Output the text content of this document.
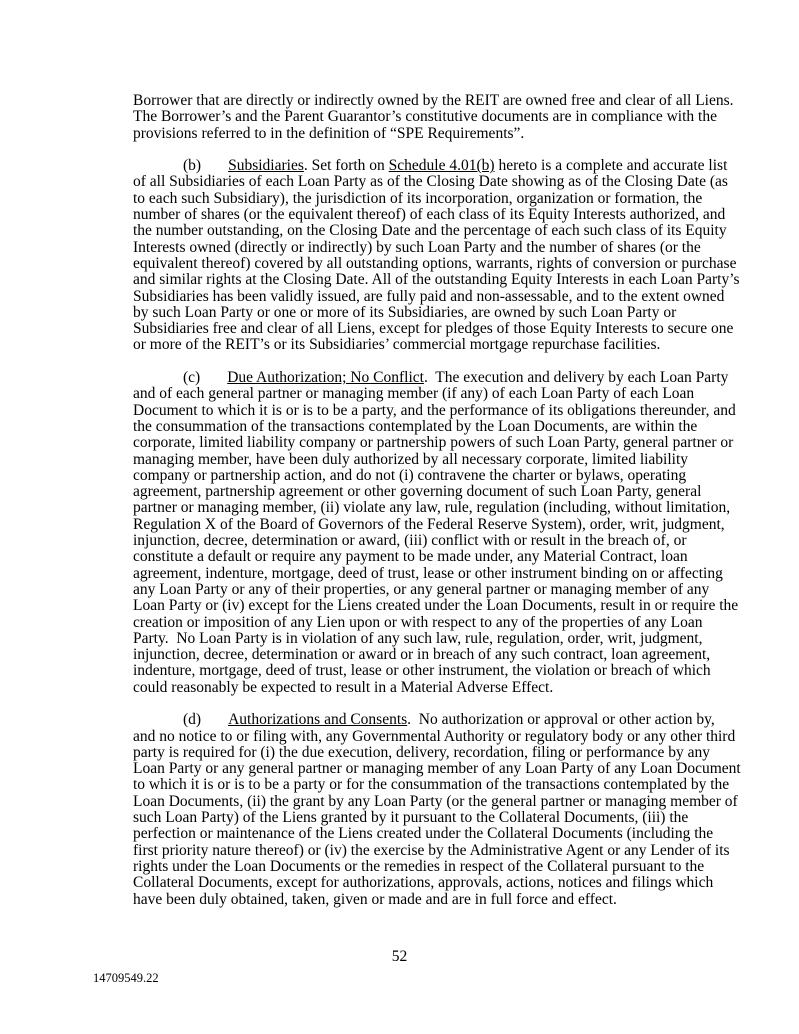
Borrower that are directly or indirectly owned by the REIT are owned free and clear of all Liens.
The Borrower’s and the Parent Guarantor’s constitutive documents are in compliance with the
provisions referred to in the definition of “SPE Requirements”.
(b) Subsidiaries. Set forth on Schedule 4.01(b) hereto is a complete and accurate list
of all Subsidiaries of each Loan Party as of the Closing Date showing as of the Closing Date (as
to each such Subsidiary), the jurisdiction of its incorporation, organization or formation, the
number of shares (or the equivalent thereof) of each class of its Equity Interests authorized, and
the number outstanding, on the Closing Date and the percentage of each such class of its Equity
Interests owned (directly or indirectly) by such Loan Party and the number of shares (or the
equivalent thereof) covered by all outstanding options, warrants, rights of conversion or purchase
and similar rights at the Closing Date. All of the outstanding Equity Interests in each Loan Party’s
Subsidiaries has been validly issued, are fully paid and non-assessable, and to the extent owned
by such Loan Party or one or more of its Subsidiaries, are owned by such Loan Party or
Subsidiaries free and clear of all Liens, except for pledges of those Equity Interests to secure one
or more of the REIT’s or its Subsidiaries’ commercial mortgage repurchase facilities.
(c) Due Authorization; No Conflict.  The execution and delivery by each Loan Party
and of each general partner or managing member (if any) of each Loan Party of each Loan
Document to which it is or is to be a party, and the performance of its obligations thereunder, and
the consummation of the transactions contemplated by the Loan Documents, are within the
corporate, limited liability company or partnership powers of such Loan Party, general partner or
managing member, have been duly authorized by all necessary corporate, limited liability
company or partnership action, and do not (i) contravene the charter or bylaws, operating
agreement, partnership agreement or other governing document of such Loan Party, general
partner or managing member, (ii) violate any law, rule, regulation (including, without limitation,
Regulation X of the Board of Governors of the Federal Reserve System), order, writ, judgment,
injunction, decree, determination or award, (iii) conflict with or result in the breach of, or
constitute a default or require any payment to be made under, any Material Contract, loan
agreement, indenture, mortgage, deed of trust, lease or other instrument binding on or affecting
any Loan Party or any of their properties, or any general partner or managing member of any
Loan Party or (iv) except for the Liens created under the Loan Documents, result in or require the
creation or imposition of any Lien upon or with respect to any of the properties of any Loan
Party.  No Loan Party is in violation of any such law, rule, regulation, order, writ, judgment,
injunction, decree, determination or award or in breach of any such contract, loan agreement,
indenture, mortgage, deed of trust, lease or other instrument, the violation or breach of which
could reasonably be expected to result in a Material Adverse Effect.
(d) Authorizations and Consents.  No authorization or approval or other action by,
and no notice to or filing with, any Governmental Authority or regulatory body or any other third
party is required for (i) the due execution, delivery, recordation, filing or performance by any
Loan Party or any general partner or managing member of any Loan Party of any Loan Document
to which it is or is to be a party or for the consummation of the transactions contemplated by the
Loan Documents, (ii) the grant by any Loan Party (or the general partner or managing member of
such Loan Party) of the Liens granted by it pursuant to the Collateral Documents, (iii) the
perfection or maintenance of the Liens created under the Collateral Documents (including the
first priority nature thereof) or (iv) the exercise by the Administrative Agent or any Lender of its
rights under the Loan Documents or the remedies in respect of the Collateral pursuant to the
Collateral Documents, except for authorizations, approvals, actions, notices and filings which
have been duly obtained, taken, given or made and are in full force and effect.
52
14709549.22
